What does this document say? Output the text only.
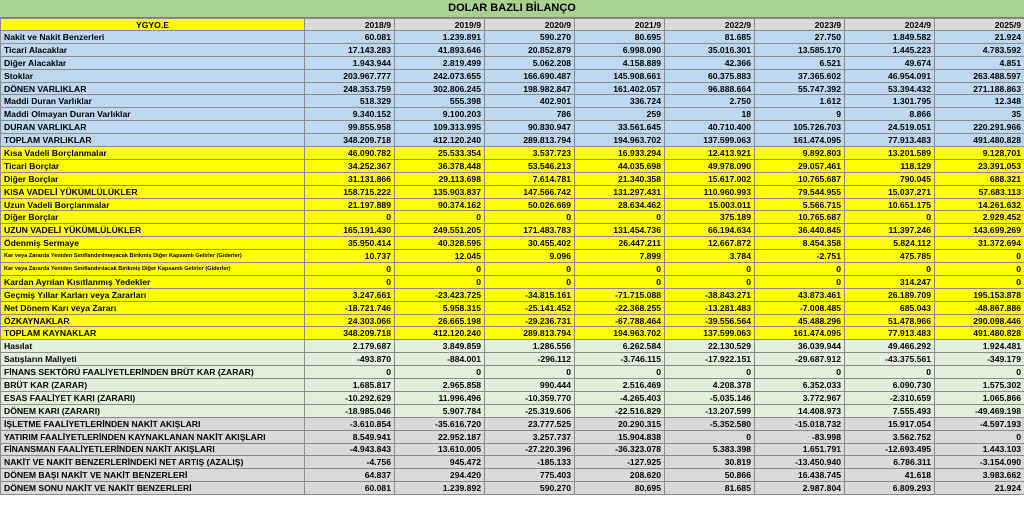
DOLAR BAZLI BİLANÇO
YGYO.E	2018/9	2019/9	2020/9	2021/9	2022/9	2023/9	2024/9	2025/9
Nakit ve Nakit Benzerleri	60.081	1.239.891	590.270	80.695	81.685	27.750	1.849.582	21.924
Ticari Alacaklar	17.143.283	41.893.646	20.852.879	6.998.090	35.016.301	13.585.170	1.445.223	4.783.592
Diğer Alacaklar	1.943.944	2.819.499	5.062.208	4.158.889	42.366	6.521	49.674	4.851
Stoklar	203.967.777	242.073.655	166.690.487	145.908.661	60.375.883	37.365.602	46.954.091	263.488.597
DÖNEN VARLIKLAR	248.353.759	302.806.245	198.982.847	161.402.057	96.888.664	55.747.392	53.394.432	271.188.863
Maddi Duran Varlıklar	518.329	555.398	402.901	336.724	2.750	1.612	1.301.795	12.348
Maddi Olmayan Duran Varlıklar	9.340.152	9.100.203	786	259	18	9	8.866	35
DURAN VARLIKLAR	99.855.958	109.313.995	90.830.947	33.561.645	40.710.400	105.726.703	24.519.051	220.291.966
TOPLAM VARLIKLAR	348.209.718	412.120.240	289.813.794	194.963.702	137.599.063	161.474.095	77.913.483	491.480.828
Kısa Vadeli Borçlanmalar	46.090.782	25.533.354	3.537.723	16.933.294	12.413.921	9.892.803	13.201.589	9.128.701
Ticari Borçlar	34.252.367	36.378.448	53.546.213	44.035.698	49.978.090	29.057.461	118.129	23.391.053
Diğer Borçlar	31.131.866	29.113.698	7.614.781	21.340.358	15.617.002	10.765.687	790.045	688.321
KISA VADELİ YÜKÜMLÜLÜKLER	158.715.222	135.903.837	147.566.742	131.297.431	110.960.993	79.544.955	15.037.271	57.683.113
Uzun Vadeli Borçlanmalar	21.197.889	90.374.162	50.026.669	28.634.462	15.003.011	5.566.715	10.651.175	14.261.632
Diğer Borçlar	0	0	0	0	375.189	10.765.687	0	2.929.452
UZUN VADELİ YÜKÜMLÜLÜKLER	165.191.430	249.551.205	171.483.783	131.454.736	66.194.634	36.440.845	11.397.246	143.699.269
Ödenmiş Sermaye	35.950.414	40.328.595	30.455.402	26.447.211	12.667.872	8.454.358	5.824.112	31.372.694
Kar veya Zararda Yeniden Sınıflandırılmayacak Birikmiş Diğer Kapsamlı Gelirler (Giderler)	10.737	12.045	9.096	7.899	3.784	-2.751	475.785	0
Kar veya Zararda Yeniden Sınıflandırılacak Birikmiş Diğer Kapsamlı Gelirler (Giderler)	0	0	0	0	0	0	0	0
Kardan Ayrılan Kısıtlanmış Yedekler	0	0	0	0	0	0	314.247	0
Geçmiş Yıllar Karları veya Zararları	3.247.661	-23.423.725	-34.815.161	-71.715.088	-38.843.271	43.873.461	26.189.709	195.153.878
Net Dönem Karı veya Zararı	-18.721.746	5.958.315	-25.141.452	-22.368.255	-13.281.483	-7.008.485	685.043	-48.867.886
ÖZKAYNAKLAR	24.303.066	26.665.198	-29.236.731	-67.788.464	-39.556.564	45.488.296	51.478.966	290.098.446
TOPLAM KAYNAKLAR	348.209.718	412.120.240	289.813.794	194.963.702	137.599.063	161.474.095	77.913.483	491.480.828
Hasılat	2.179.687	3.849.859	1.286.556	6.262.584	22.130.529	36.039.944	49.466.292	1.924.481
Satışların Maliyeti	-493.870	-884.001	-296.112	-3.746.115	-17.922.151	-29.687.912	-43.375.561	-349.179
FİNANS SEKTÖRÜ FAALİYETLERİNDEN BRÜT KAR (ZARAR)	0	0	0	0	0	0	0	0
BRÜT KAR (ZARAR)	1.685.817	2.965.858	990.444	2.516.469	4.208.378	6.352.033	6.090.730	1.575.302
ESAS FAALİYET KARI (ZARARI)	-10.292.629	11.996.496	-10.359.770	-4.265.403	-5.035.146	3.772.967	-2.310.659	1.065.866
DÖNEM KARI (ZARARI)	-18.985.046	5.907.784	-25.319.606	-22.516.829	-13.207.599	14.408.973	7.555.493	-49.469.198
İŞLETME FAALİYETLERİNDEN NAKİT AKIŞLARI	-3.610.854	-35.616.720	23.777.525	20.290.315	-5.352.580	-15.018.732	15.917.054	-4.597.193
YATIRIM FAALİYETLERİNDEN KAYNAKLANAN NAKİT AKIŞLARI	8.549.941	22.952.187	3.257.737	15.904.838	0	-83.998	3.562.752	0
FİNANSMAN FAALİYETLERİNDEN NAKİT AKIŞLARI	-4.943.843	13.610.005	-27.220.396	-36.323.078	5.383.398	1.651.791	-12.693.495	1.443.103
NAKİT VE NAKİT BENZERLERİNDEKİ NET ARTIŞ (AZALIŞ)	-4.756	945.472	-185.133	-127.925	30.819	-13.450.940	6.786.311	-3.154.090
DÖNEM BAŞI NAKİT VE NAKİT BENZERLERİ	64.837	294.420	775.403	208.620	50.866	16.438.745	41.618	3.983.662
DÖNEM SONU NAKİT VE NAKİT BENZERLERİ	60.081	1.239.892	590.270	80.695	81.685	2.987.804	6.809.293	21.924
